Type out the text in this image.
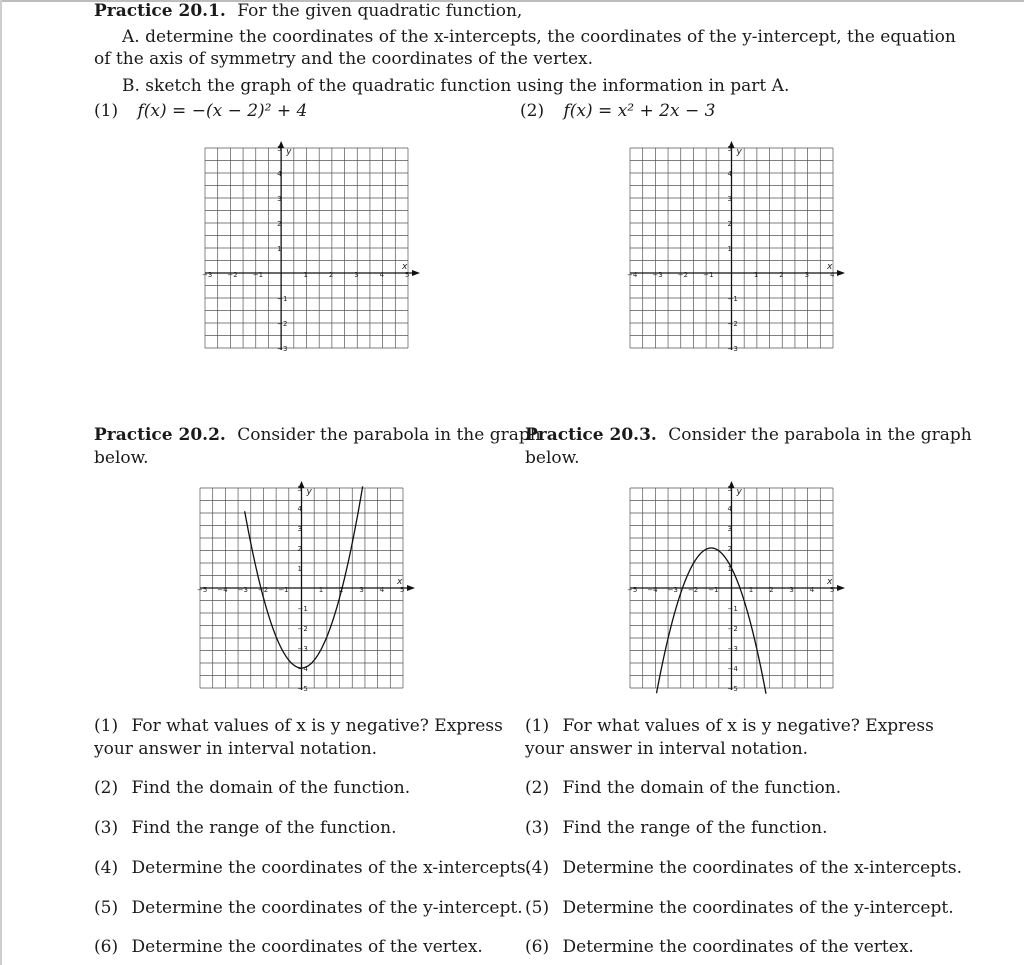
Practice 20.1. For the given quadratic function,
A. determine the coordinates of the x-intercepts, the coordinates of the y-intercept, the equation
of the axis of symmetry and the coordinates of the vertex.
B. sketch the graph of the quadratic function using the information in part A.
(1) f(x) = −(x − 2)² + 4	(2) f(x) = x² + 2x − 3
x
y
−3 −2 −1	1	2	3	4	5
5
4
3
2
1
−1
−2
−3
x
y
−4 −3 −2 −1	1	2	3	4
5
4
3
2
1
−1
−2
−3
Practice 20.2. Consider the parabola in the graph
below.
Practice 20.3. Consider the parabola in the graph
below.
x
y
−5 −4 −3 −2 −1	1 2 3 4 5
5
4
3
2
1
−1
−2
−3
−4
−5
x
y
−5 −4 −3 −2 −1	1 2 3 4 5
5
4
3
2
1
−1
−2
−3
−4
−5
(1) For what values of x is y negative? Express
your answer in interval notation.
(2) Find the domain of the function.
(3) Find the range of the function.
(4) Determine the coordinates of the x-intercepts.
(5) Determine the coordinates of the y-intercept.
(6) Determine the coordinates of the vertex.
(1) For what values of x is y negative? Express
your answer in interval notation.
(2) Find the domain of the function.
(3) Find the range of the function.
(4) Determine the coordinates of the x-intercepts.
(5) Determine the coordinates of the y-intercept.
(6) Determine the coordinates of the vertex.
